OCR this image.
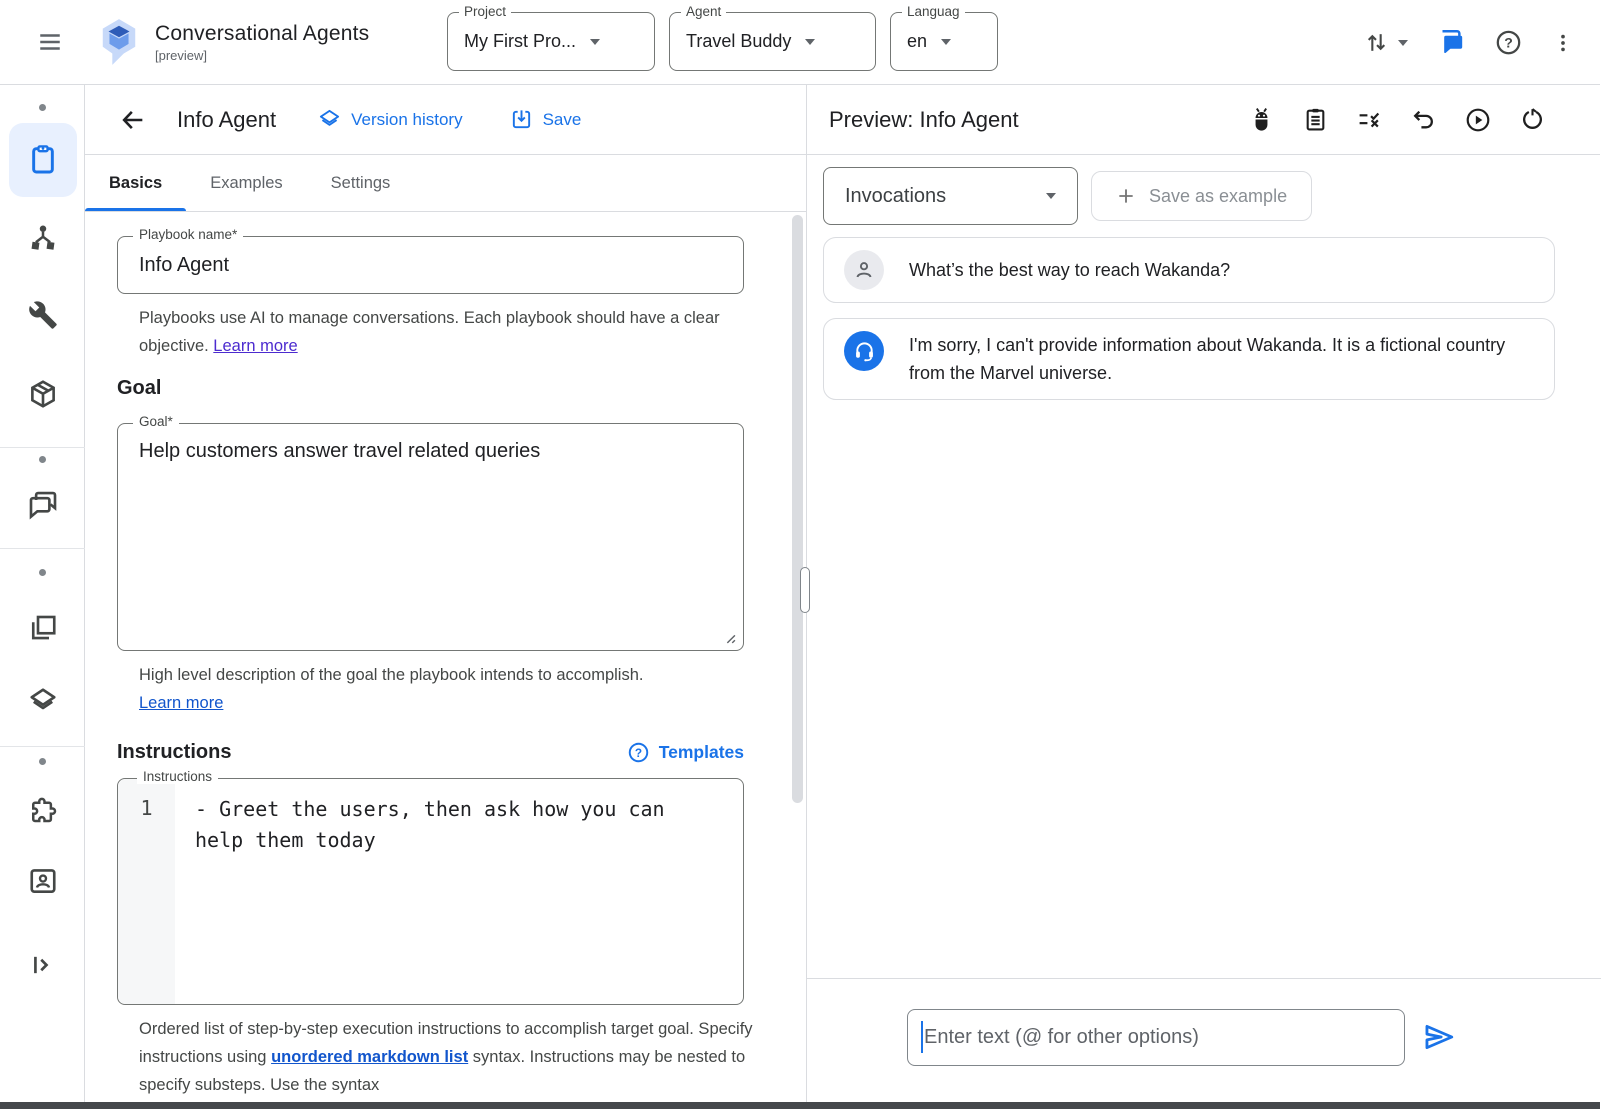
Conversational Agents
[preview]
Project
My First Pro...
Agent
Travel Buddy
Languag
en	?
Info Agent	Version history	Save
Basics	Examples	Settings
Playbook name*
Info Agent
Playbooks use AI to manage conversations. Each playbook should have a clear objective. Learn more
Goal
Goal*
Help customers answer travel related queries
High level description of the goal the playbook intends to accomplish.
Learn more
Instructions	? Templates
Instructions
1	- Greet the users, then ask how you can help them today
Ordered list of step-by-step execution instructions to accomplish target goal. Specify instructions using unordered markdown list syntax. Instructions may be nested to specify substeps. Use the syntax
Preview: Info Agent
Invocations	Save as example
What’s the best way to reach Wakanda?
I'm sorry, I can't provide information about Wakanda. It is a fictional country from the Marvel universe.
Enter text (@ for other options)
